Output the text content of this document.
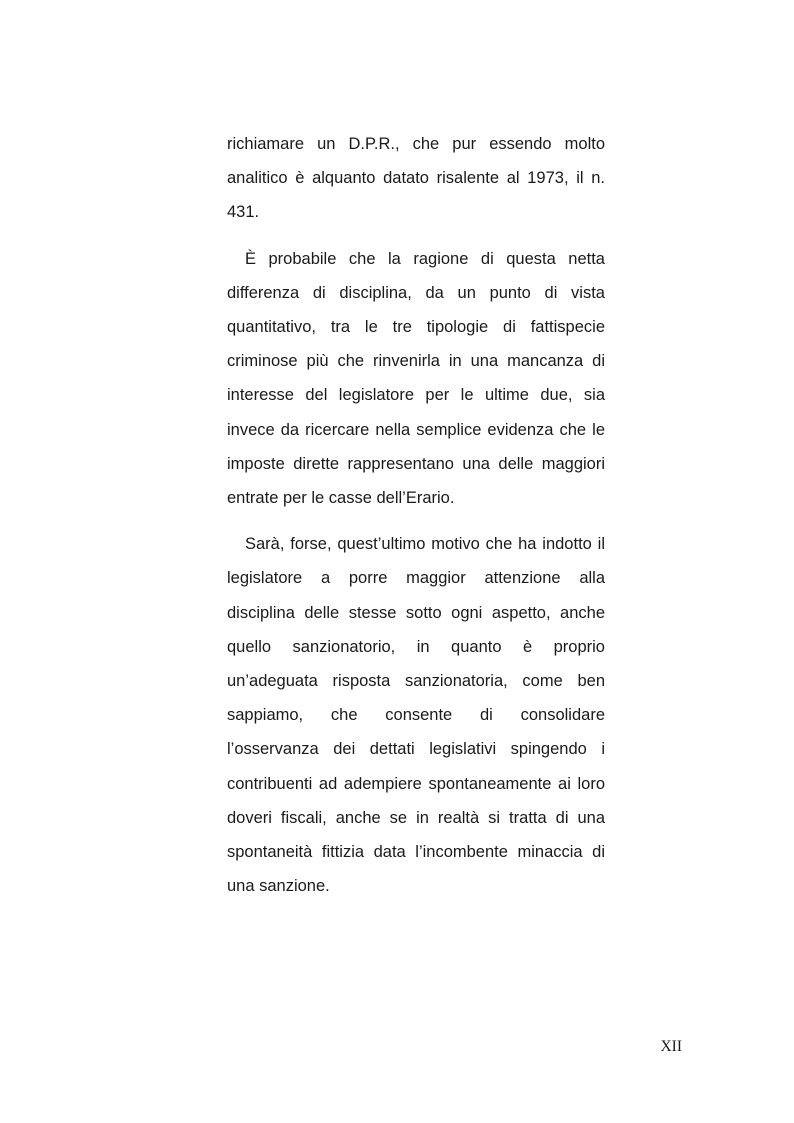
richiamare un D.P.R., che pur essendo molto analitico è alquanto datato risalente al 1973, il n. 431.

È probabile che la ragione di questa netta differenza di disciplina, da un punto di vista quantitativo, tra le tre tipologie di fattispecie criminose più che rinvenirla in una mancanza di interesse del legislatore per le ultime due, sia invece da ricercare nella semplice evidenza che le imposte dirette rappresentano una delle maggiori entrate per le casse dell’Erario.

Sarà, forse, quest’ultimo motivo che ha indotto il legislatore a porre maggior attenzione alla disciplina delle stesse sotto ogni aspetto, anche quello sanzionatorio, in quanto è proprio un’adeguata risposta sanzionatoria, come ben sappiamo, che consente di consolidare l’osservanza dei dettati legislativi spingendo i contribuenti ad adempiere spontaneamente ai loro doveri fiscali, anche se in realtà si tratta di una spontaneità fittizia data l’incombente minaccia di una sanzione.

XII
